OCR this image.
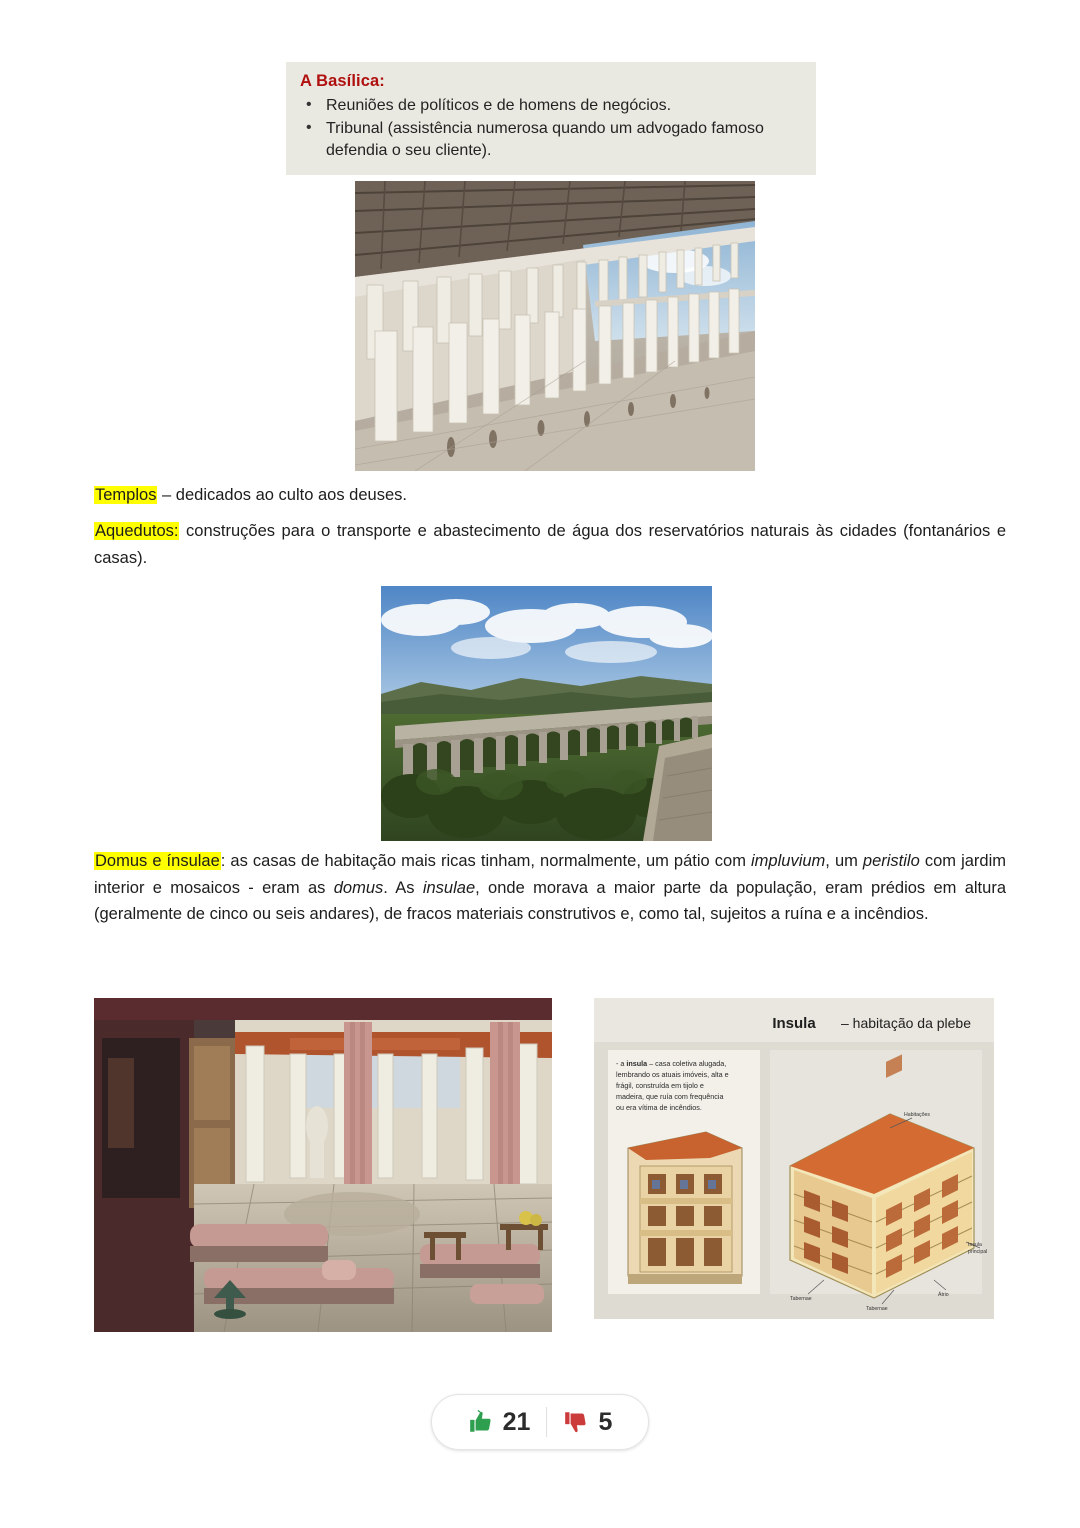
A Basílica:
• Reuniões de políticos e de homens de negócios.
• Tribunal (assistência numerosa quando um advogado famoso defendia o seu cliente).
Templos – dedicados ao culto aos deuses.
Aquedutos: construções para o transporte e abastecimento de água dos reservatórios naturais às cidades (fontanários e casas).
Domus e ínsulae: as casas de habitação mais ricas tinham, normalmente, um pátio com impluvium, um peristilo com jardim interior e mosaicos - eram as domus. As insulae, onde morava a maior parte da população, eram prédios em altura (geralmente de cinco ou seis andares), de fracos materiais construtivos e, como tal, sujeitos a ruína e a incêndios.
Insula – habitação da plebe
- a insula – casa coletiva alugada,
lembrando os atuais imóveis, alta e
frágil, construída em tijolo e
madeira, que ruía com frequência
ou era vítima de incêndios.
Habitações
Tabernae
Tabernae
Insula
principal
Átrio
21	5
